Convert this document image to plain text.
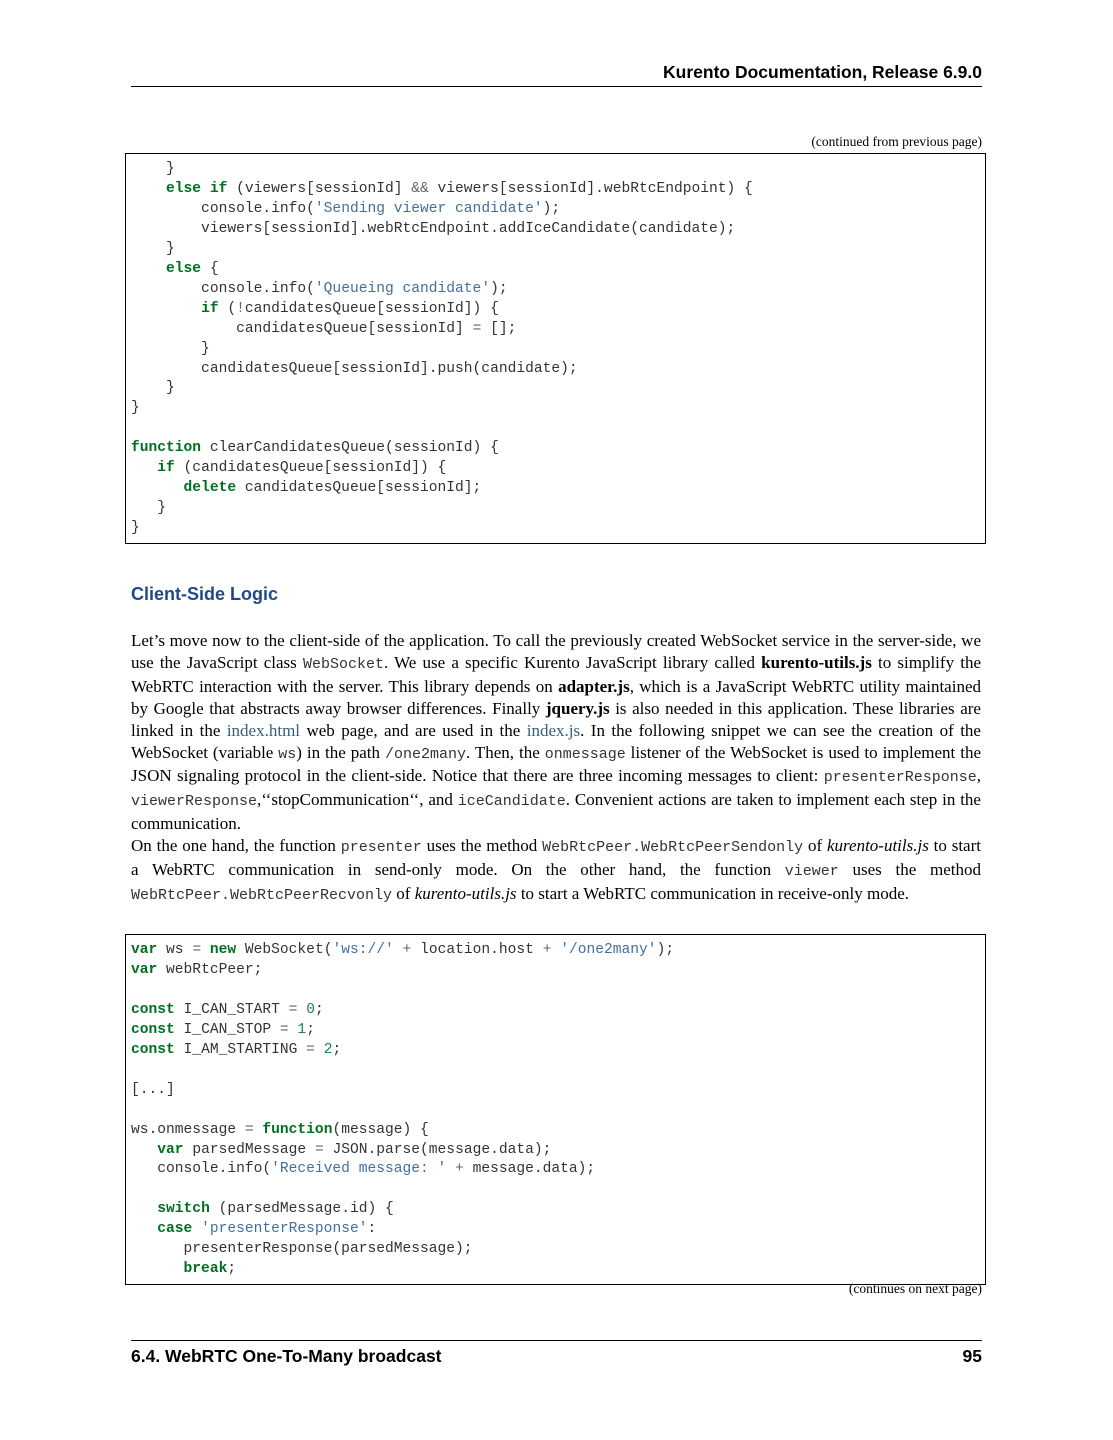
Kurento Documentation, Release 6.9.0
(continued from previous page)
}
else if (viewers[sessionId] && viewers[sessionId].webRtcEndpoint) {
console.info('Sending viewer candidate');
viewers[sessionId].webRtcEndpoint.addIceCandidate(candidate);
}
else {
console.info('Queueing candidate');
if (!candidatesQueue[sessionId]) {
candidatesQueue[sessionId] = [];
}
candidatesQueue[sessionId].push(candidate);
}
}
function clearCandidatesQueue(sessionId) {
if (candidatesQueue[sessionId]) {
delete candidatesQueue[sessionId];
}
}
Client-Side Logic

Let’s move now to the client-side of the application. To call the previously created WebSocket service in the server-side, we use the JavaScript class WebSocket. We use a specific Kurento JavaScript library called kurento-utils.js to simplify the WebRTC interaction with the server. This library depends on adapter.js, which is a JavaScript WebRTC utility maintained by Google that abstracts away browser differences. Finally jquery.js is also needed in this application. These libraries are linked in the index.html web page, and are used in the index.js. In the following snippet we can see the creation of the WebSocket (variable ws) in the path /one2many. Then, the onmessage listener of the WebSocket is used to implement the JSON signaling protocol in the client-side. Notice that there are three incoming messages to client: presenterResponse, viewerResponse,‘‘stopCommunication‘‘, and iceCandidate. Convenient actions are taken to implement each step in the communication.

On the one hand, the function presenter uses the method WebRtcPeer.WebRtcPeerSendonly of kurento-utils.js to start a WebRTC communication in send-only mode. On the other hand, the function viewer uses the method WebRtcPeer.WebRtcPeerRecvonly of kurento-utils.js to start a WebRTC communication in receive-only mode.

var ws = new WebSocket('ws://' + location.host + '/one2many');
var webRtcPeer;
const I_CAN_START = 0;
const I_CAN_STOP = 1;
const I_AM_STARTING = 2;
[...]
ws.onmessage = function(message) {
var parsedMessage = JSON.parse(message.data);
console.info('Received message: ' + message.data);
switch (parsedMessage.id) {
case 'presenterResponse':
presenterResponse(parsedMessage);
break;
(continues on next page)
6.4. WebRTC One-To-Many broadcast	95
